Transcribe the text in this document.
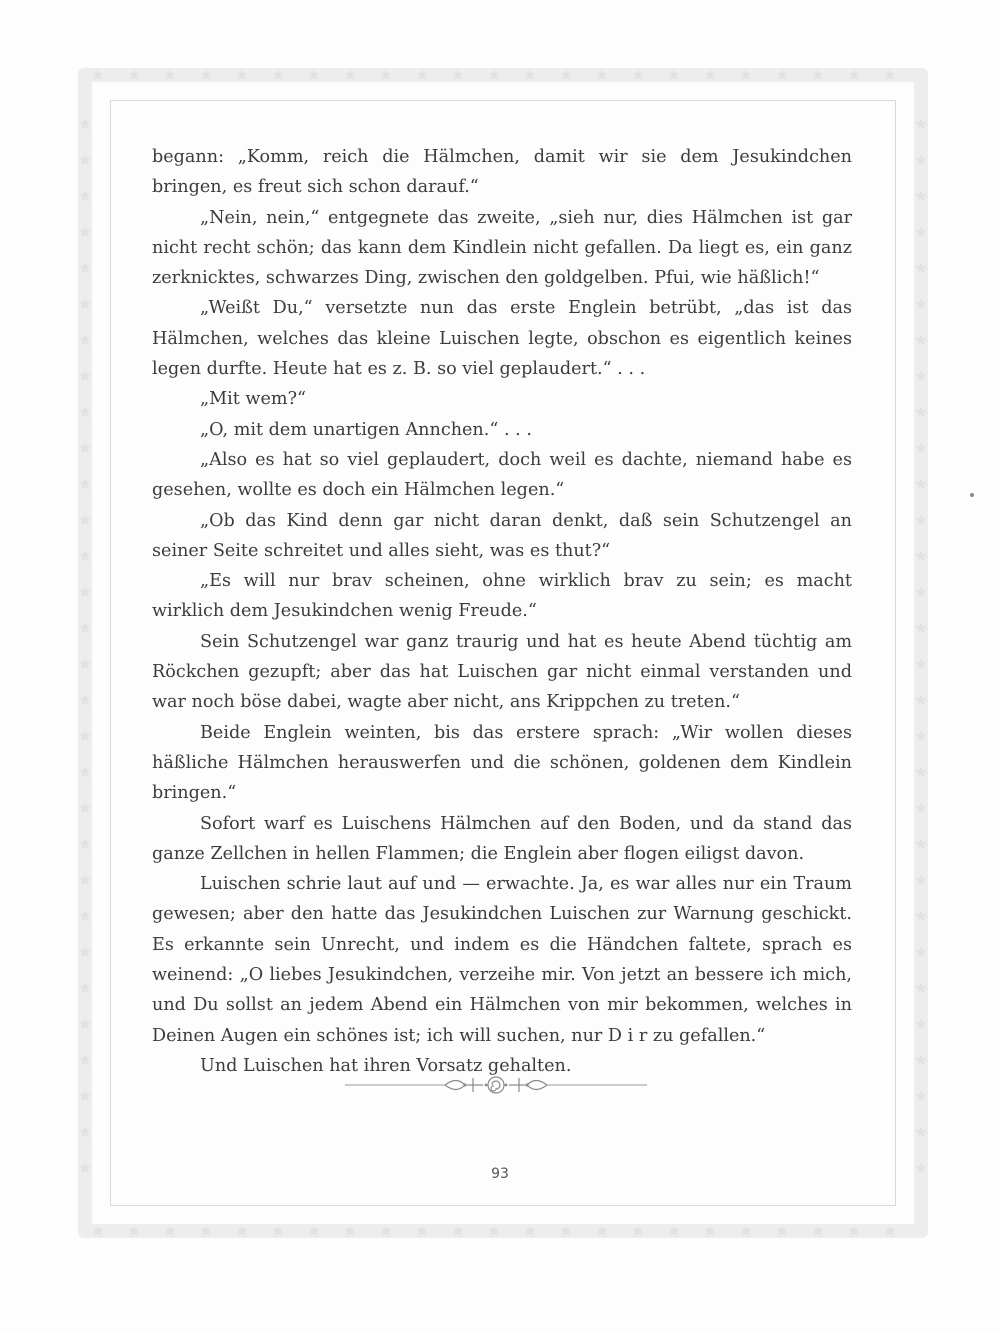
begann: „Komm, reich die Hälmchen, damit wir sie dem Jesukindchen bringen, es freut sich schon darauf.“

„Nein, nein,“ entgegnete das zweite, „sieh nur, dies Hälmchen ist gar nicht recht schön; das kann dem Kindlein nicht gefallen. Da liegt es, ein ganz zerknicktes, schwarzes Ding, zwischen den goldgelben. Pfui, wie häßlich!“

„Weißt Du,“ versetzte nun das erste Englein betrübt, „das ist das Hälmchen, welches das kleine Luischen legte, obschon es eigentlich keines legen durfte. Heute hat es z. B. so viel geplaudert.“ . . .

„Mit wem?“

„O, mit dem unartigen Annchen.“ . . .

„Also es hat so viel geplaudert, doch weil es dachte, niemand habe es gesehen, wollte es doch ein Hälmchen legen.“

„Ob das Kind denn gar nicht daran denkt, daß sein Schutzengel an seiner Seite schreitet und alles sieht, was es thut?“

„Es will nur brav scheinen, ohne wirklich brav zu sein; es macht wirklich dem Jesukindchen wenig Freude.“

Sein Schutzengel war ganz traurig und hat es heute Abend tüchtig am Röckchen gezupft; aber das hat Luischen gar nicht einmal verstanden und war noch böse dabei, wagte aber nicht, ans Krippchen zu treten.“

Beide Englein weinten, bis das erstere sprach: „Wir wollen dieses häßliche Hälmchen herauswerfen und die schönen, goldenen dem Kindlein bringen.“

Sofort warf es Luischens Hälmchen auf den Boden, und da stand das ganze Zellchen in hellen Flammen; die Englein aber flogen eiligst davon.

Luischen schrie laut auf und — erwachte. Ja, es war alles nur ein Traum gewesen; aber den hatte das Jesukindchen Luischen zur Warnung geschickt. Es erkannte sein Unrecht, und indem es die Händchen faltete, sprach es weinend: „O liebes Jesukindchen, verzeihe mir. Von jetzt an bessere ich mich, und Du sollst an jedem Abend ein Hälmchen von mir bekommen, welches in Deinen Augen ein schönes ist; ich will suchen, nur D i r zu gefallen.“

Und Luischen hat ihren Vorsatz gehalten.

93
